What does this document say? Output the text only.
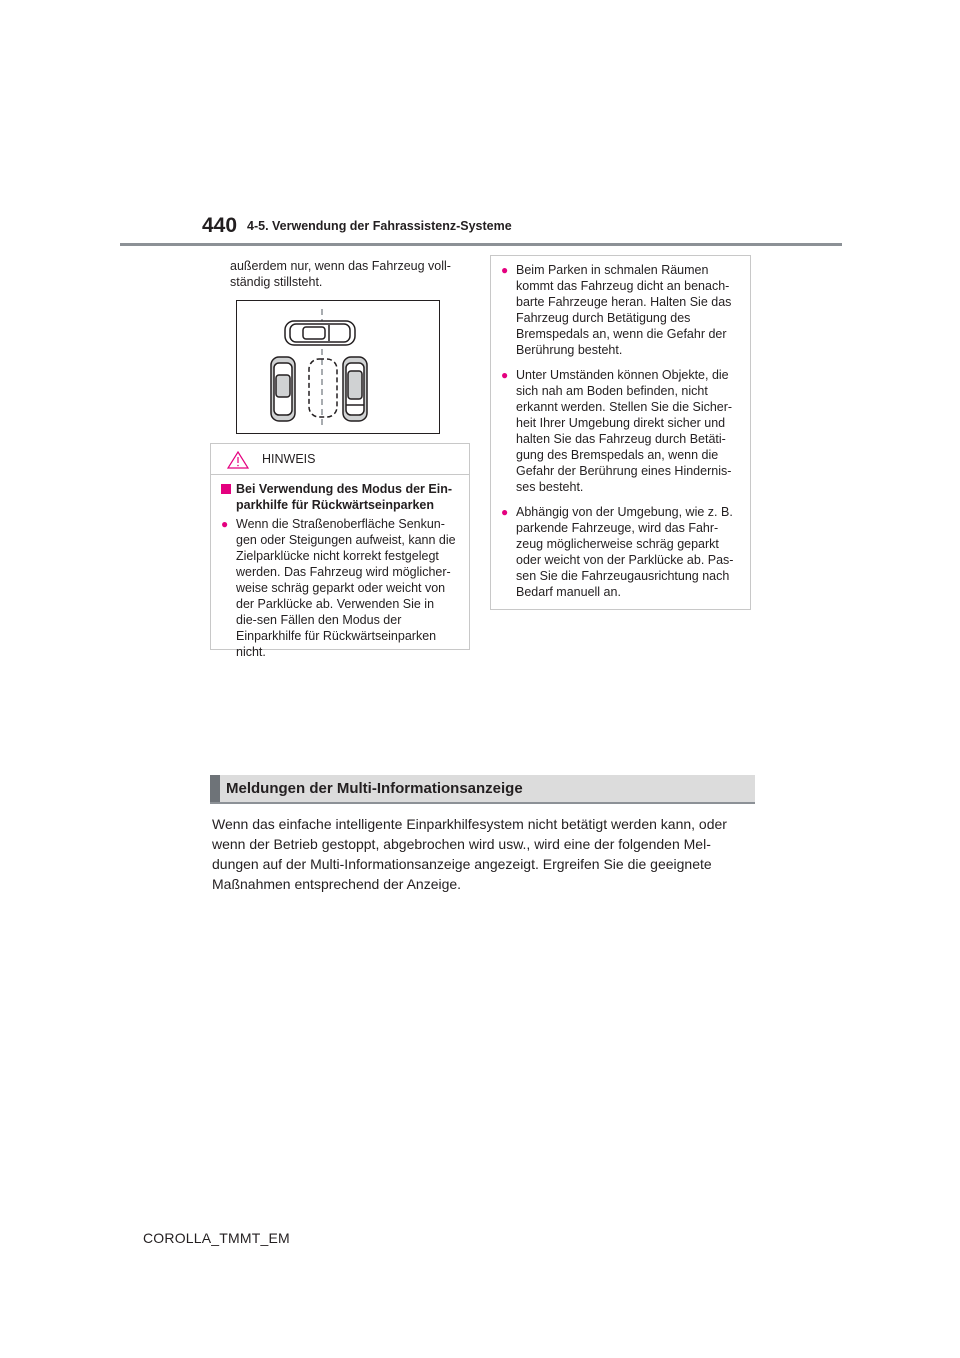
440 4-5. Verwendung der Fahrassistenz-Systeme
außerdem nur, wenn das Fahrzeug voll-ständig stillsteht.
HINWEIS
Bei Verwendung des Modus der Ein-parkhilfe für Rückwärtseinparken
● Wenn die Straßenoberfläche Senkun-gen oder Steigungen aufweist, kann die Zielparklücke nicht korrekt festgelegt werden. Das Fahrzeug wird möglicher-weise schräg geparkt oder weicht von der Parklücke ab. Verwenden Sie in die-sen Fällen den Modus der Einparkhilfe für Rückwärtseinparken nicht.
● Beim Parken in schmalen Räumen kommt das Fahrzeug dicht an benach-barte Fahrzeuge heran. Halten Sie das Fahrzeug durch Betätigung des Bremspedals an, wenn die Gefahr der Berührung besteht.
● Unter Umständen können Objekte, die sich nah am Boden befinden, nicht erkannt werden. Stellen Sie die Sicher-heit Ihrer Umgebung direkt sicher und halten Sie das Fahrzeug durch Betäti-gung des Bremspedals an, wenn die Gefahr der Berührung eines Hindernis-ses besteht.
● Abhängig von der Umgebung, wie z. B. parkende Fahrzeuge, wird das Fahr-zeug möglicherweise schräg geparkt oder weicht von der Parklücke ab. Pas-sen Sie die Fahrzeugausrichtung nach Bedarf manuell an.
Meldungen der Multi-Informationsanzeige
Wenn das einfache intelligente Einparkhilfesystem nicht betätigt werden kann, oder wenn der Betrieb gestoppt, abgebrochen wird usw., wird eine der folgenden Mel-dungen auf der Multi-Informationsanzeige angezeigt. Ergreifen Sie die geeignete Maßnahmen entsprechend der Anzeige.
COROLLA_TMMT_EM
